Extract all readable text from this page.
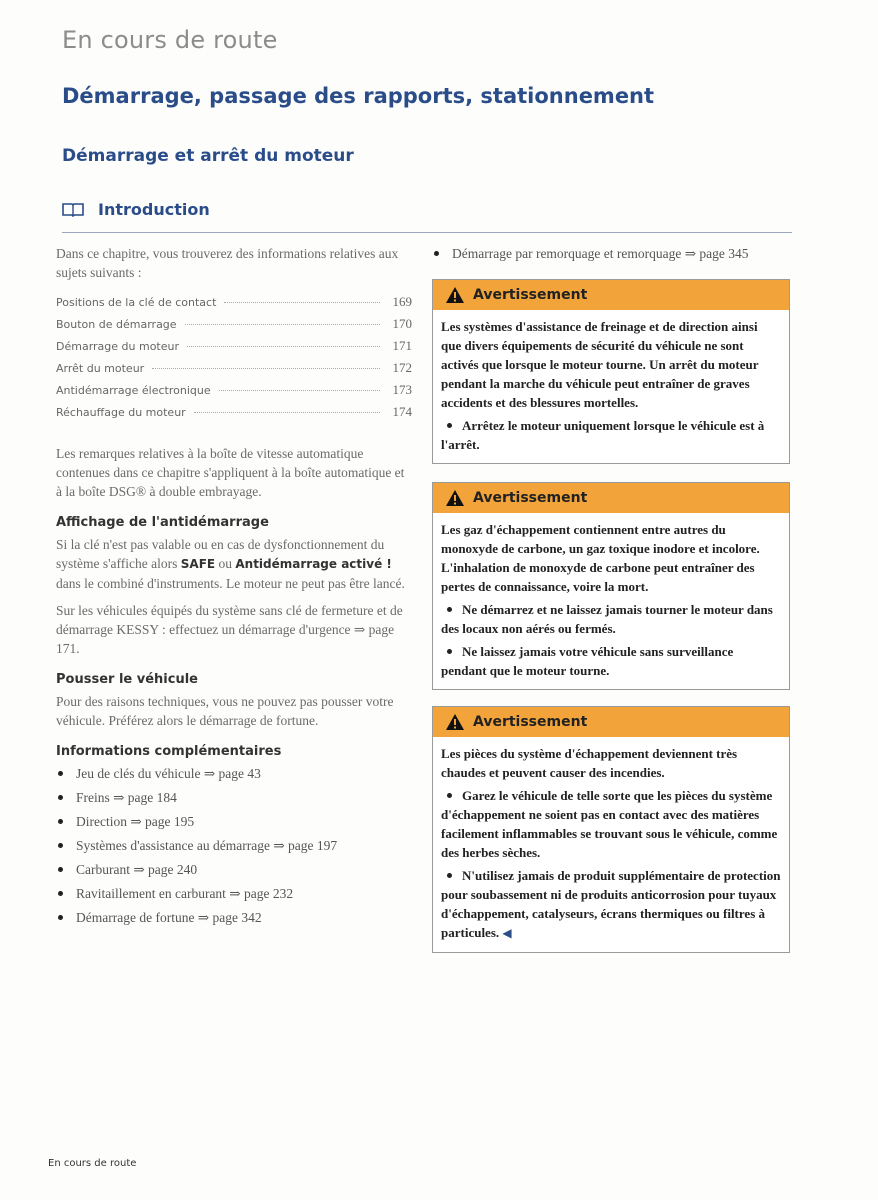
En cours de route
Démarrage, passage des rapports, stationnement
Démarrage et arrêt du moteur
Introduction

Dans ce chapitre, vous trouverez des informations relatives aux sujets suivants :

Positions de la clé de contact	169
Bouton de démarrage	170
Démarrage du moteur	171
Arrêt du moteur	172
Antidémarrage électronique	173
Réchauffage du moteur	174

Les remarques relatives à la boîte de vitesse automatique contenues dans ce chapitre s'appliquent à la boîte automatique et à la boîte DSG® à double embrayage.

Affichage de l'antidémarrage

Si la clé n'est pas valable ou en cas de dysfonctionnement du système s'affiche alors SAFE ou Antidémarrage activé ! dans le combiné d'instruments. Le moteur ne peut pas être lancé.

Sur les véhicules équipés du système sans clé de fermeture et de démarrage KESSY : effectuez un démarrage d'urgence ⇒ page 171.

Pousser le véhicule

Pour des raisons techniques, vous ne pouvez pas pousser votre véhicule. Préférez alors le démarrage de fortune.

Informations complémentaires
Jeu de clés du véhicule ⇒ page 43
Freins ⇒ page 184
Direction ⇒ page 195
Systèmes d'assistance au démarrage ⇒ page 197
Carburant ⇒ page 240
Ravitaillement en carburant ⇒ page 232
Démarrage de fortune ⇒ page 342
Démarrage par remorquage et remorquage ⇒ page 345
Avertissement

Les systèmes d'assistance de freinage et de direction ainsi que divers équipements de sécurité du véhicule ne sont activés que lorsque le moteur tourne. Un arrêt du moteur pendant la marche du véhicule peut entraîner de graves accidents et des blessures mortelles.

Arrêtez le moteur uniquement lorsque le véhicule est à l'arrêt.

Avertissement

Les gaz d'échappement contiennent entre autres du monoxyde de carbone, un gaz toxique inodore et incolore. L'inhalation de monoxyde de carbone peut entraîner des pertes de connaissance, voire la mort.

Ne démarrez et ne laissez jamais tourner le moteur dans des locaux non aérés ou fermés.

Ne laissez jamais votre véhicule sans surveillance pendant que le moteur tourne.

Avertissement

Les pièces du système d'échappement deviennent très chaudes et peuvent causer des incendies.

Garez le véhicule de telle sorte que les pièces du système d'échappement ne soient pas en contact avec des matières facilement inflammables se trouvant sous le véhicule, comme des herbes sèches.

N'utilisez jamais de produit supplémentaire de protection pour soubassement ni de produits anticorrosion pour tuyaux d'échappement, catalyseurs, écrans thermiques ou filtres à particules. ◀

En cours de route
